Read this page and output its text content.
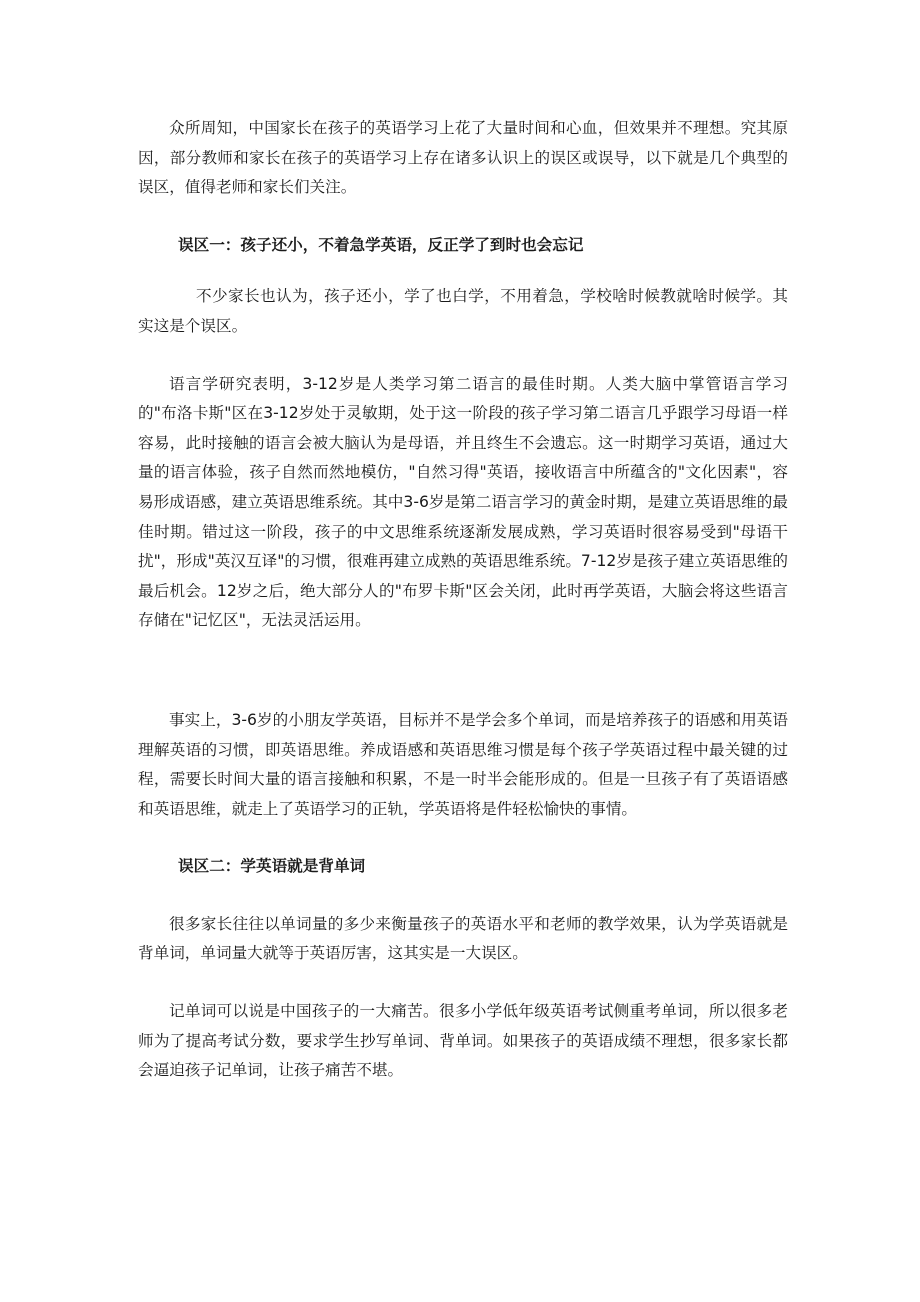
众所周知，中国家长在孩子的英语学习上花了大量时间和心血，但效果并不理想。究其原因，部分教师和家长在孩子的英语学习上存在诸多认识上的误区或误导，以下就是几个典型的误区，值得老师和家长们关注。

误区一：孩子还小，不着急学英语，反正学了到时也会忘记

不少家长也认为，孩子还小，学了也白学，不用着急，学校啥时候教就啥时候学。其实这是个误区。

语言学研究表明，3-12岁是人类学习第二语言的最佳时期。人类大脑中掌管语言学习的"布洛卡斯"区在3-12岁处于灵敏期，处于这一阶段的孩子学习第二语言几乎跟学习母语一样容易，此时接触的语言会被大脑认为是母语，并且终生不会遗忘。这一时期学习英语，通过大量的语言体验，孩子自然而然地模仿，"自然习得"英语，接收语言中所蕴含的"文化因素"，容易形成语感，建立英语思维系统。其中3-6岁是第二语言学习的黄金时期，是建立英语思维的最佳时期。错过这一阶段，孩子的中文思维系统逐渐发展成熟，学习英语时很容易受到"母语干扰"，形成"英汉互译"的习惯，很难再建立成熟的英语思维系统。7-12岁是孩子建立英语思维的最后机会。12岁之后，绝大部分人的"布罗卡斯"区会关闭，此时再学英语，大脑会将这些语言存储在"记忆区"，无法灵活运用。

事实上，3-6岁的小朋友学英语，目标并不是学会多个单词，而是培养孩子的语感和用英语理解英语的习惯，即英语思维。养成语感和英语思维习惯是每个孩子学英语过程中最关键的过程，需要长时间大量的语言接触和积累，不是一时半会能形成的。但是一旦孩子有了英语语感和英语思维，就走上了英语学习的正轨，学英语将是件轻松愉快的事情。

误区二：学英语就是背单词

很多家长往往以单词量的多少来衡量孩子的英语水平和老师的教学效果，认为学英语就是背单词，单词量大就等于英语厉害，这其实是一大误区。

记单词可以说是中国孩子的一大痛苦。很多小学低年级英语考试侧重考单词，所以很多老师为了提高考试分数，要求学生抄写单词、背单词。如果孩子的英语成绩不理想，很多家长都会逼迫孩子记单词，让孩子痛苦不堪。
